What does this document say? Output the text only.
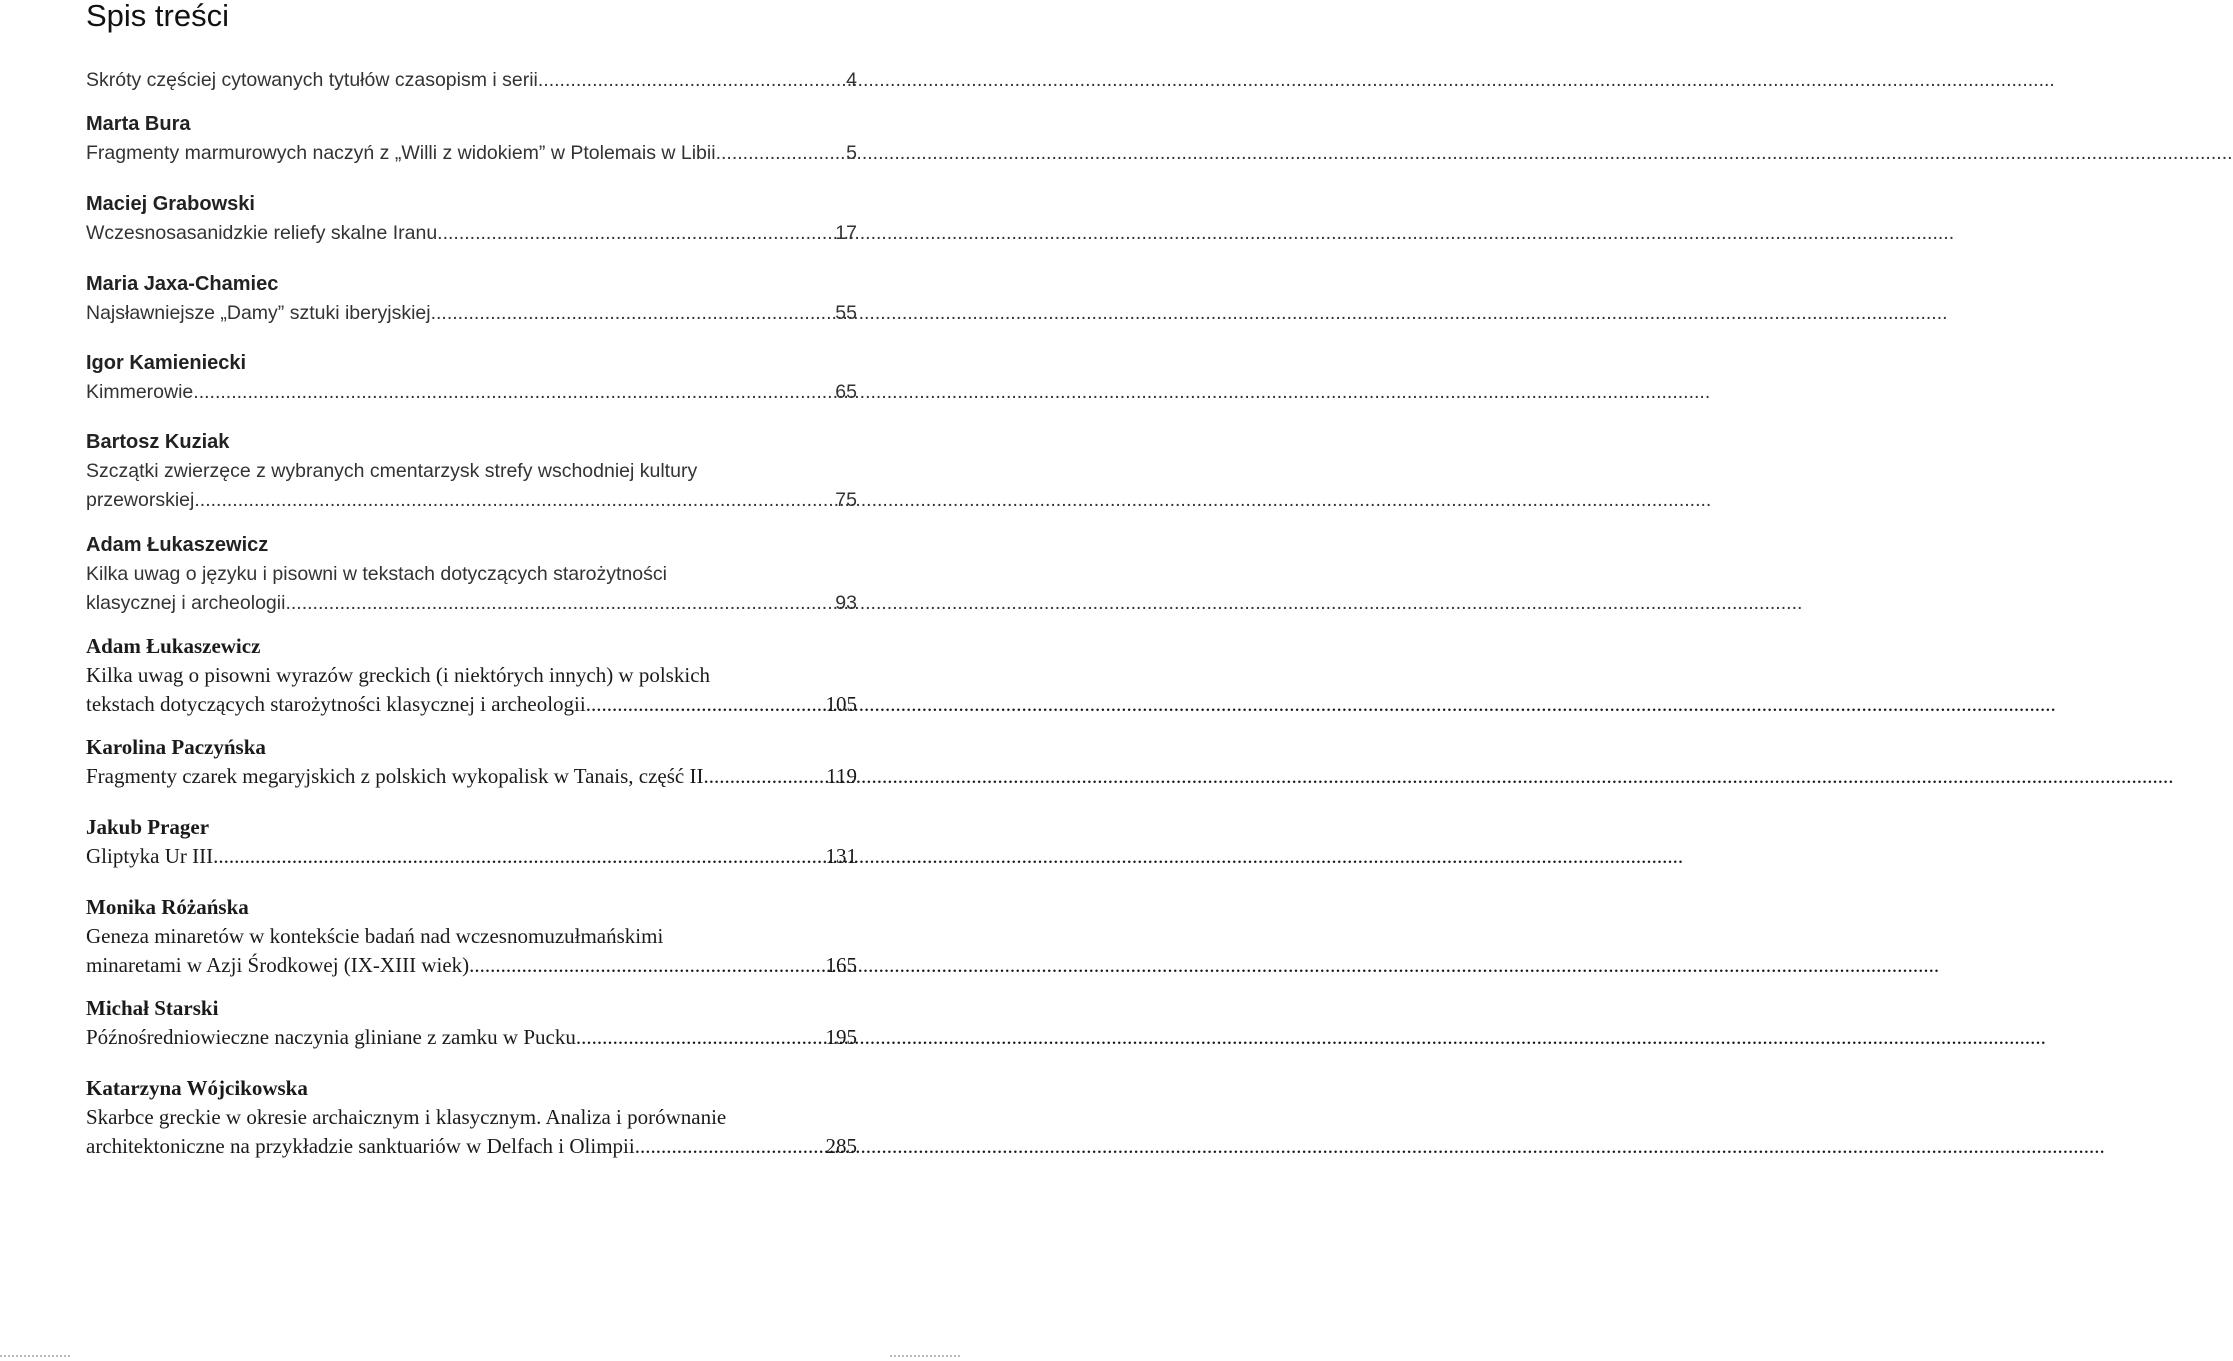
Spis treści
Skróty częściej cytowanych tytułów czasopism i serii .....	4
Marta Bura
Fragmenty marmurowych naczyń z „Willi z widokiem” w Ptolemais w Libii .....	5
Maciej Grabowski
Wczesnosasanidzkie reliefy skalne Iranu .....	17
Maria Jaxa-Chamiec
Najsławniejsze „Damy” sztuki iberyjskiej .....	55
Igor Kamieniecki
Kimmerowie .....	65
Bartosz Kuziak
Szczątki zwierzęce z wybranych cmentarzysk strefy wschodniej kultury
przeworskiej .....	75
Adam Łukaszewicz
Kilka uwag o języku i pisowni w tekstach dotyczących starożytności
klasycznej i archeologii .....	93
Adam Łukaszewicz
Kilka uwag o pisowni wyrazów greckich (i niektórych innych) w polskich
tekstach dotyczących starożytności klasycznej i archeologii .....	105
Karolina Paczyńska
Fragmenty czarek megaryjskich z polskich wykopalisk w Tanais, część II .....	119
Jakub Prager
Gliptyka Ur III .....	131
Monika Różańska
Geneza minaretów w kontekście badań nad wczesnomuzułmańskimi
minaretami w Azji Środkowej (IX-XIII wiek) .....	165
Michał Starski
Późnośredniowieczne naczynia gliniane z zamku w Pucku .....	195
Katarzyna Wójcikowska
Skarbce greckie w okresie archaicznym i klasycznym. Analiza i porównanie
architektoniczne na przykładzie sanktuariów w Delfach i Olimpii .....	285
